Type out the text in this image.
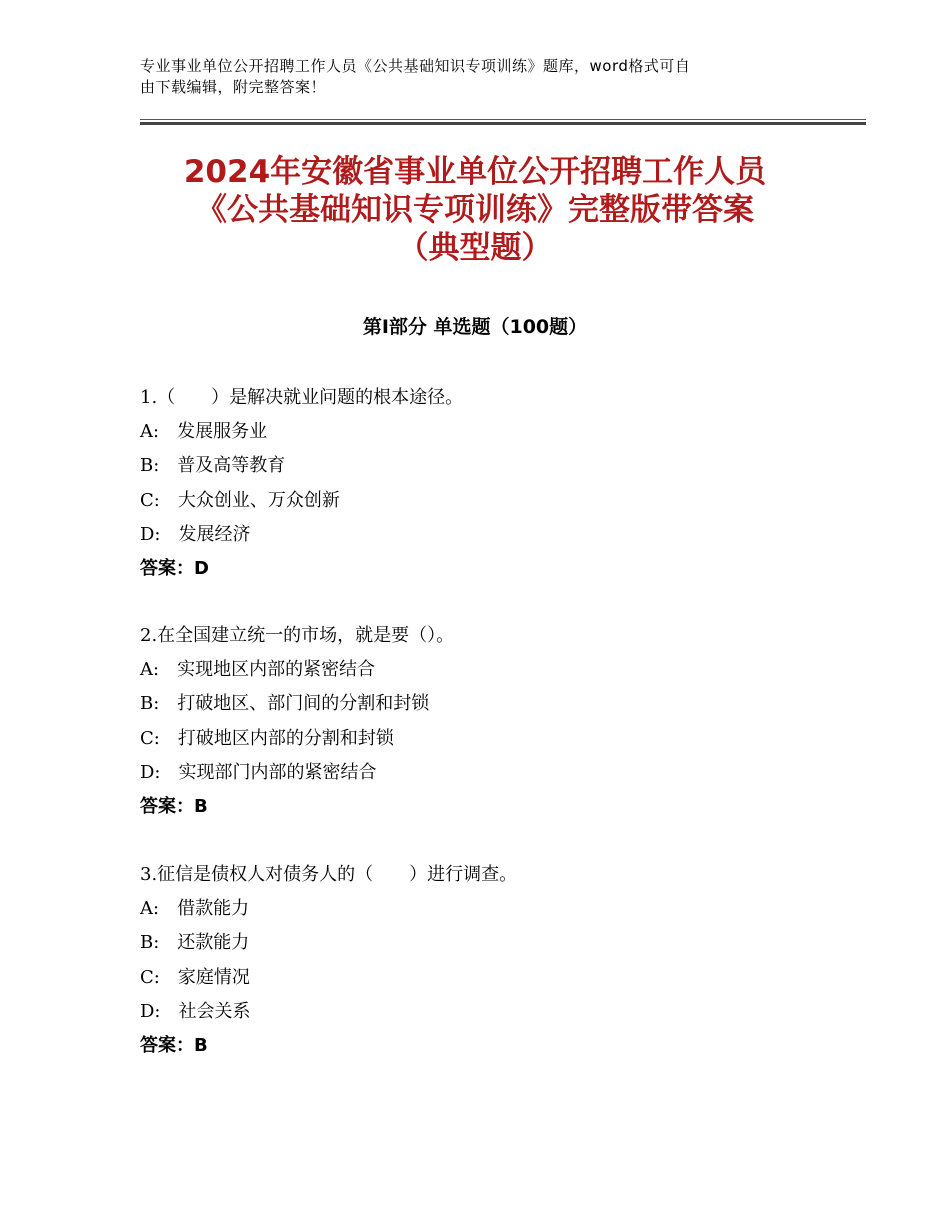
专业事业单位公开招聘工作人员《公共基础知识专项训练》题库，word格式可自
由下载编辑，附完整答案！
2024年安徽省事业单位公开招聘工作人员
《公共基础知识专项训练》完整版带答案
（典型题）
第Ⅰ部分 单选题（100题）
1.（　　）是解决就业问题的根本途径。
A:　发展服务业
B:　普及高等教育
C:　大众创业、万众创新
D:　发展经济
答案：D
2.在全国建立统一的市场，就是要（）。
A:　实现地区内部的紧密结合
B:　打破地区、部门间的分割和封锁
C:　打破地区内部的分割和封锁
D:　实现部门内部的紧密结合
答案：B
3.征信是债权人对债务人的（　　）进行调查。
A:　借款能力
B:　还款能力
C:　家庭情况
D:　社会关系
答案：B
